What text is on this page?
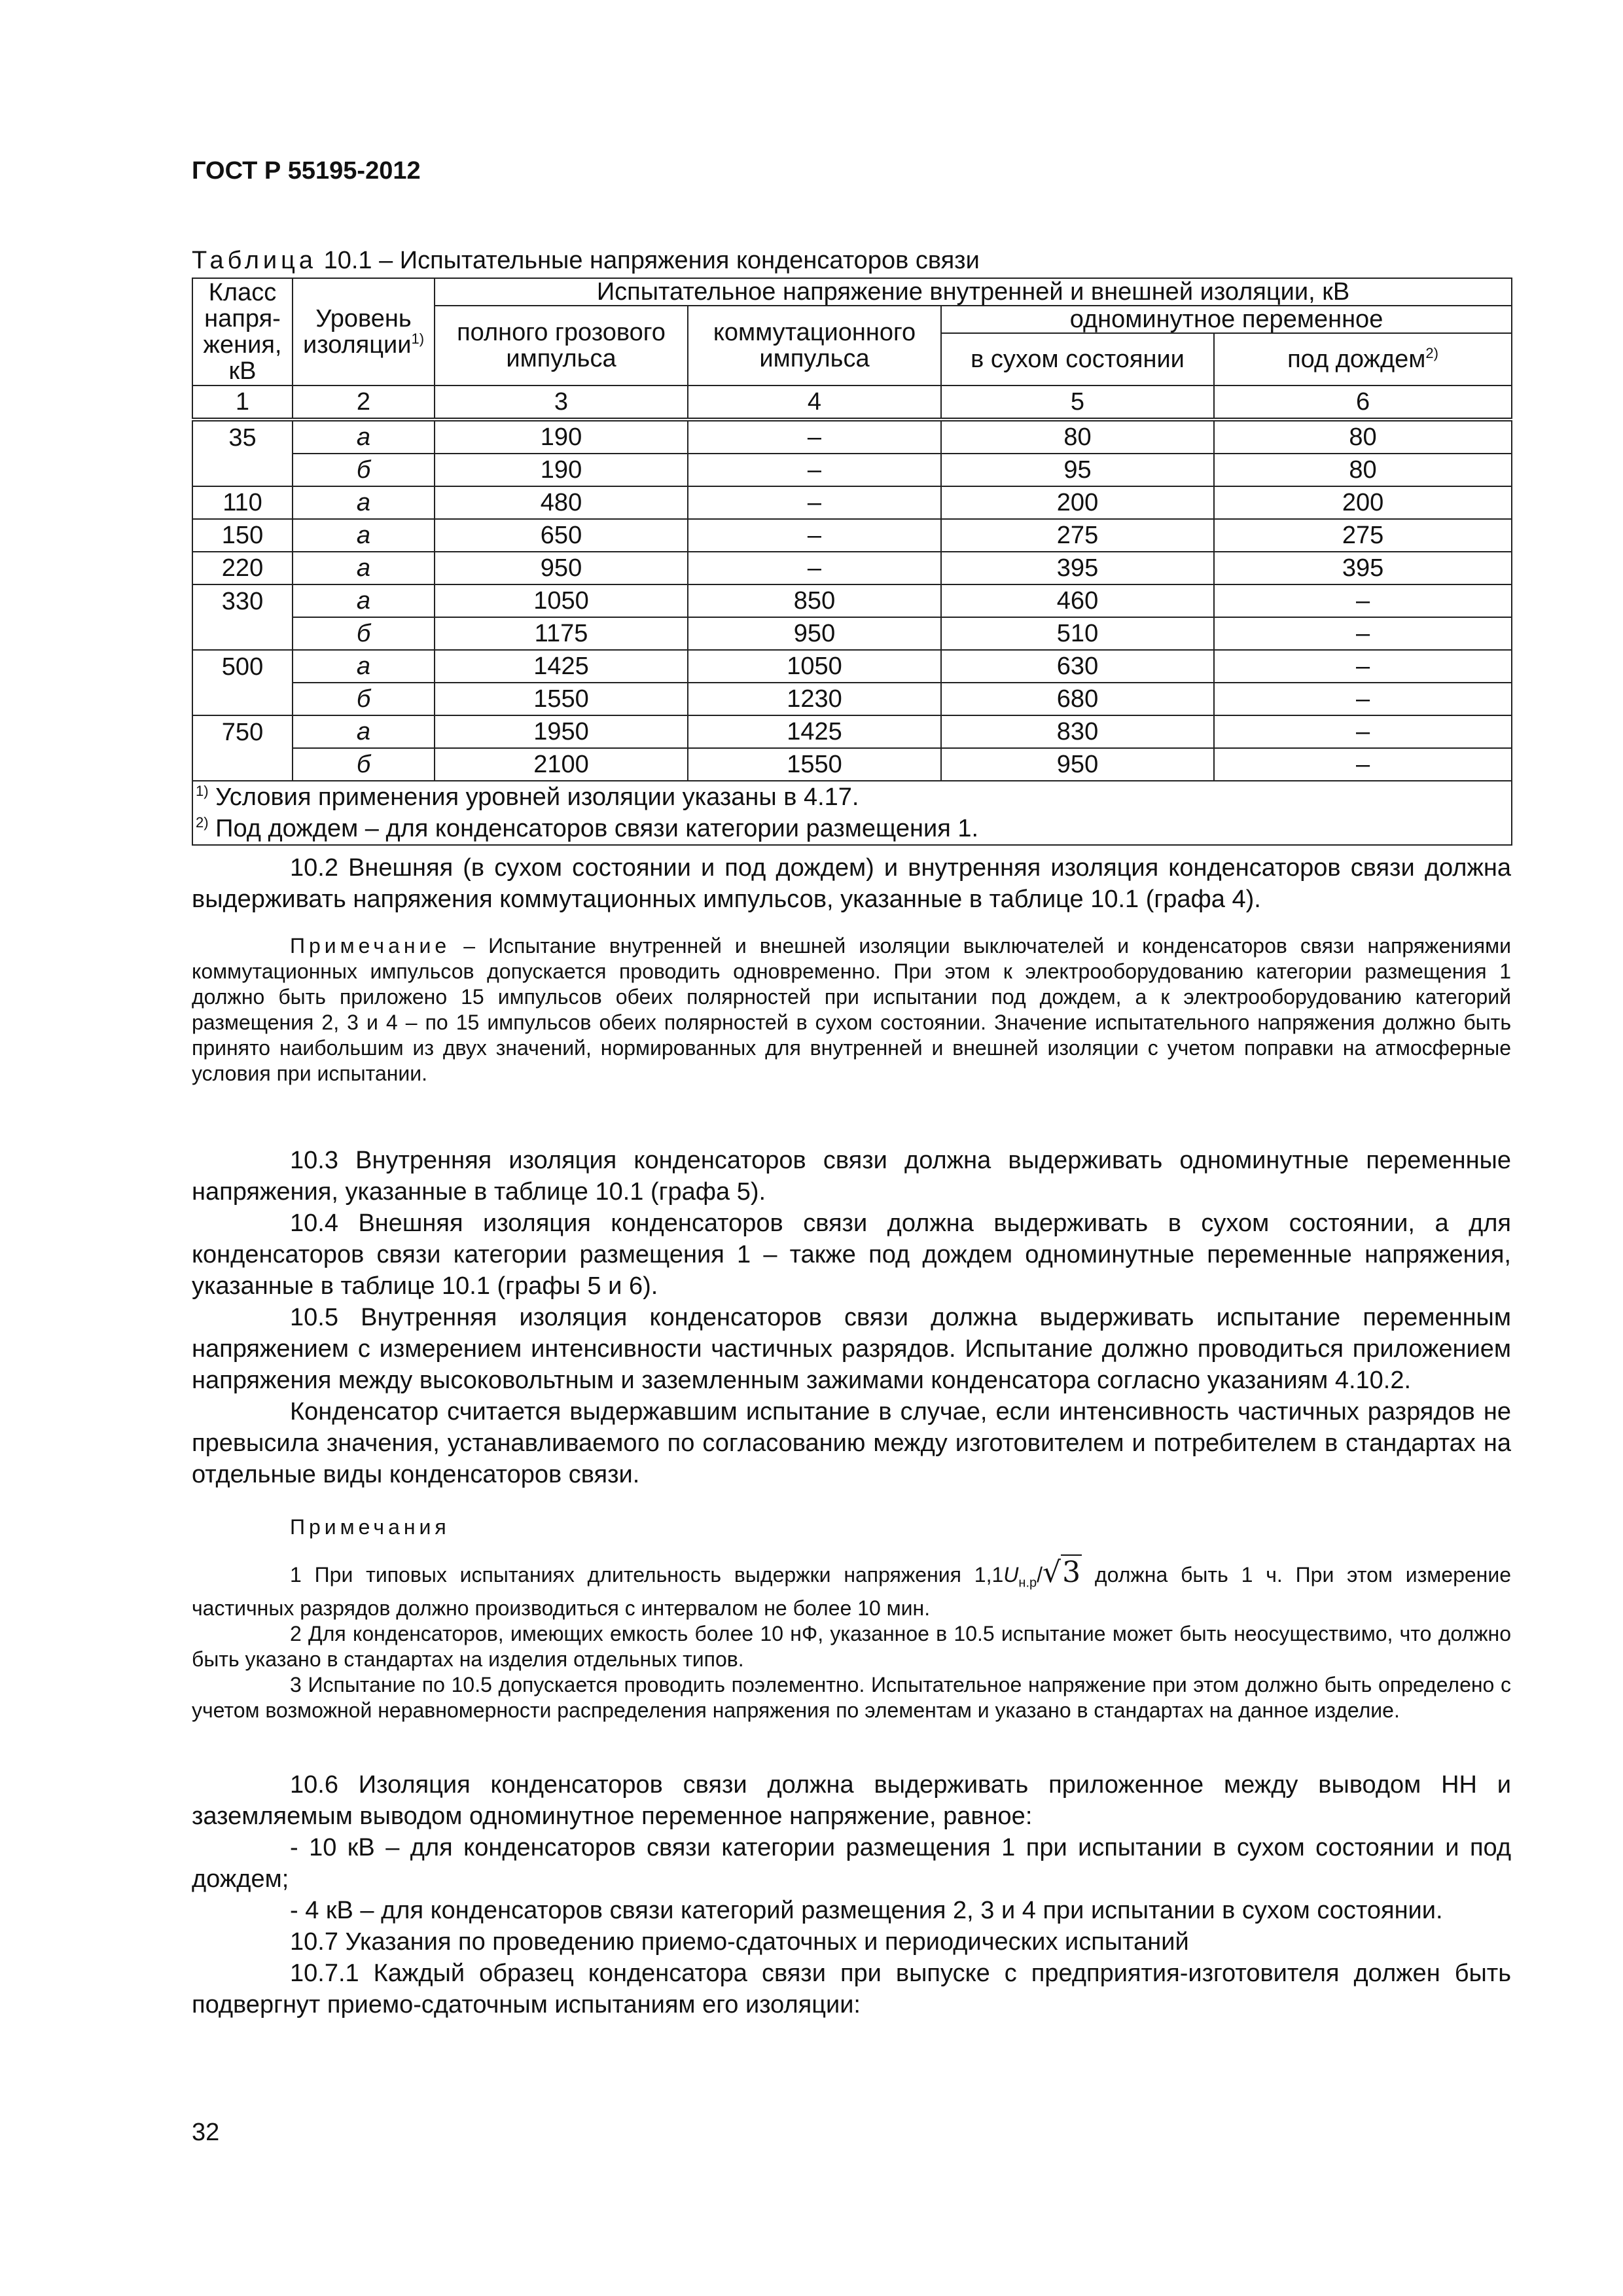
ГОСТ Р 55195-2012
Таблица 10.1 – Испытательные напряжения конденсаторов связи
Класс напря-жения, кВ	Уровень изоляции$^{1)}$	Испытательное напряжение внутренней и внешней изоляции, кВ			
		полного грозового импульса	коммутационного импульса	одноминутное переменное	
				в сухом состоянии	под дождем$^{2)}$
1	2	3	4	5	6
35	а	190	–	80	80
	б	190	–	95	80
110	а	480	–	200	200
150	а	650	–	275	275
220	а	950	–	395	395
330	а	1050	850	460	–
	б	1175	950	510	–
500	а	1425	1050	630	–
	б	1550	1230	680	–
750	а	1950	1425	830	–
	б	2100	1550	950	–

$^{1)}$ Условия применения уровней изоляции указаны в 4.17.
$^{2)}$ Под дождем – для конденсаторов связи категории размещения 1.					

10.2 Внешняя (в сухом состоянии и под дождем) и внутренняя изоляция конденсаторов связи должна выдерживать напряжения коммутационных импульсов, указанные в таблице 10.1 (графа 4).

Примечание – Испытание внутренней и внешней изоляции выключателей и конденсаторов связи напряжениями коммутационных импульсов допускается проводить одновременно. При этом к электрооборудованию категории размещения 1 должно быть приложено 15 импульсов обеих полярностей при испытании под дождем, а к электрооборудованию категорий размещения 2, 3 и 4 – по 15 импульсов обеих полярностей в сухом состоянии. Значение испытательного напряжения должно быть принято наибольшим из двух значений, нормированных для внутренней и внешней изоляции с учетом поправки на атмосферные условия при испытании.

10.3 Внутренняя изоляция конденсаторов связи должна выдерживать одноминутные переменные напряжения, указанные в таблице 10.1 (графа 5).

10.4 Внешняя изоляция конденсаторов связи должна выдерживать в сухом состоянии, а для конденсаторов связи категории размещения 1 – также под дождем одноминутные переменные напряжения, указанные в таблице 10.1 (графы 5 и 6).

10.5 Внутренняя изоляция конденсаторов связи должна выдерживать испытание переменным напряжением с измерением интенсивности частичных разрядов. Испытание должно проводиться приложением напряжения между высоковольтным и заземленным зажимами конденсатора согласно указаниям 4.10.2.

Конденсатор считается выдержавшим испытание в случае, если интенсивность частичных разрядов не превысила значения, устанавливаемого по согласованию между изготовителем и потребителем в стандартах на отдельные виды конденсаторов связи.

Примечания

1 При типовых испытаниях длительность выдержки напряжения $1,1U_{н.р}/√3$ должна быть 1 ч. При этом измерение частичных разрядов должно производиться с интервалом не более 10 мин.

2 Для конденсаторов, имеющих емкость более 10 нФ, указанное в 10.5 испытание может быть неосуществимо, что должно быть указано в стандартах на изделия отдельных типов.

3 Испытание по 10.5 допускается проводить поэлементно. Испытательное напряжение при этом должно быть определено с учетом возможной неравномерности распределения напряжения по элементам и указано в стандартах на данное изделие.

10.6 Изоляция конденсаторов связи должна выдерживать приложенное между выводом НН и заземляемым выводом одноминутное переменное напряжение, равное:

- 10 кВ – для конденсаторов связи категории размещения 1 при испытании в сухом состоянии и под дождем;

- 4 кВ – для конденсаторов связи категорий размещения 2, 3 и 4 при испытании в сухом состоянии.

10.7 Указания по проведению приемо-сдаточных и периодических испытаний

10.7.1 Каждый образец конденсатора связи при выпуске с предприятия-изготовителя должен быть подвергнут приемо-сдаточным испытаниям его изоляции:

32
